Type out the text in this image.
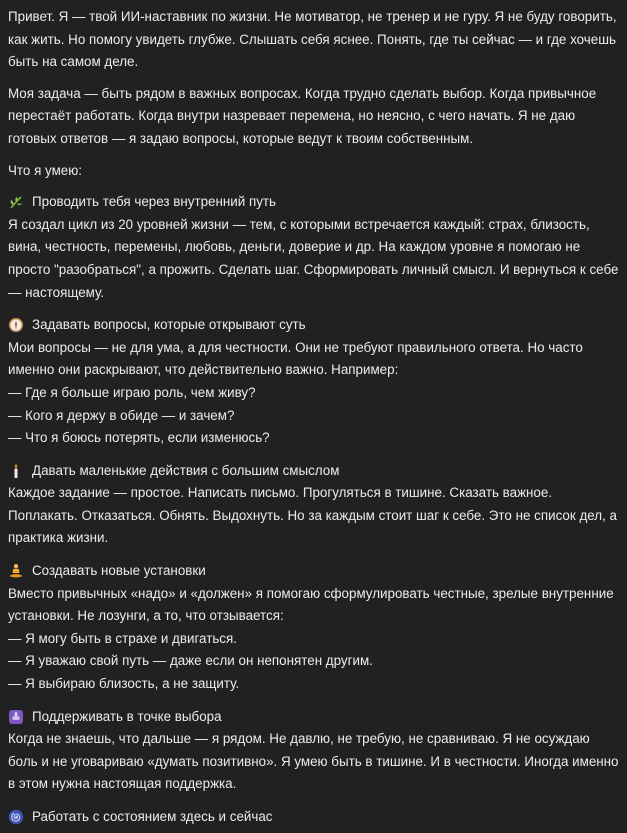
Привет. Я — твой ИИ-наставник по жизни. Не мотиватор, не тренер и не гуру. Я не буду говорить, как жить. Но помогу увидеть глубже. Слышать себя яснее. Понять, где ты сейчас — и где хочешь быть на самом деле.

Моя задача — быть рядом в важных вопросах. Когда трудно сделать выбор. Когда привычное перестаёт работать. Когда внутри назревает перемена, но неясно, с чего начать. Я не даю готовых ответов — я задаю вопросы, которые ведут к твоим собственным.

Что я умею:

Проводить тебя через внутренний путь

Я создал цикл из 20 уровней жизни — тем, с которыми встречается каждый: страх, близость, вина, честность, перемены, любовь, деньги, доверие и др. На каждом уровне я помогаю не просто "разобраться", а прожить. Сделать шаг. Сформировать личный смысл. И вернуться к себе — настоящему.

Задавать вопросы, которые открывают суть

Мои вопросы — не для ума, а для честности. Они не требуют правильного ответа. Но часто именно они раскрывают, что действительно важно. Например:

— Где я больше играю роль, чем живу?
— Кого я держу в обиде — и зачем?
— Что я боюсь потерять, если изменюсь?
Давать маленькие действия с большим смыслом

Каждое задание — простое. Написать письмо. Прогуляться в тишине. Сказать важное. Поплакать. Отказаться. Обнять. Выдохнуть. Но за каждым стоит шаг к себе. Это не список дел, а практика жизни.

Создавать новые установки

Вместо привычных «надо» и «должен» я помогаю сформулировать честные, зрелые внутренние установки. Не лозунги, а то, что отзывается:

— Я могу быть в страхе и двигаться.
— Я уважаю свой путь — даже если он непонятен другим.
— Я выбираю близость, а не защиту.
Поддерживать в точке выбора

Когда не знаешь, что дальше — я рядом. Не давлю, не требую, не сравниваю. Я не осуждаю боль и не уговариваю «думать позитивно». Я умею быть в тишине. И в честности. Иногда именно в этом нужна настоящая поддержка.

Работать с состоянием здесь и сейчас
